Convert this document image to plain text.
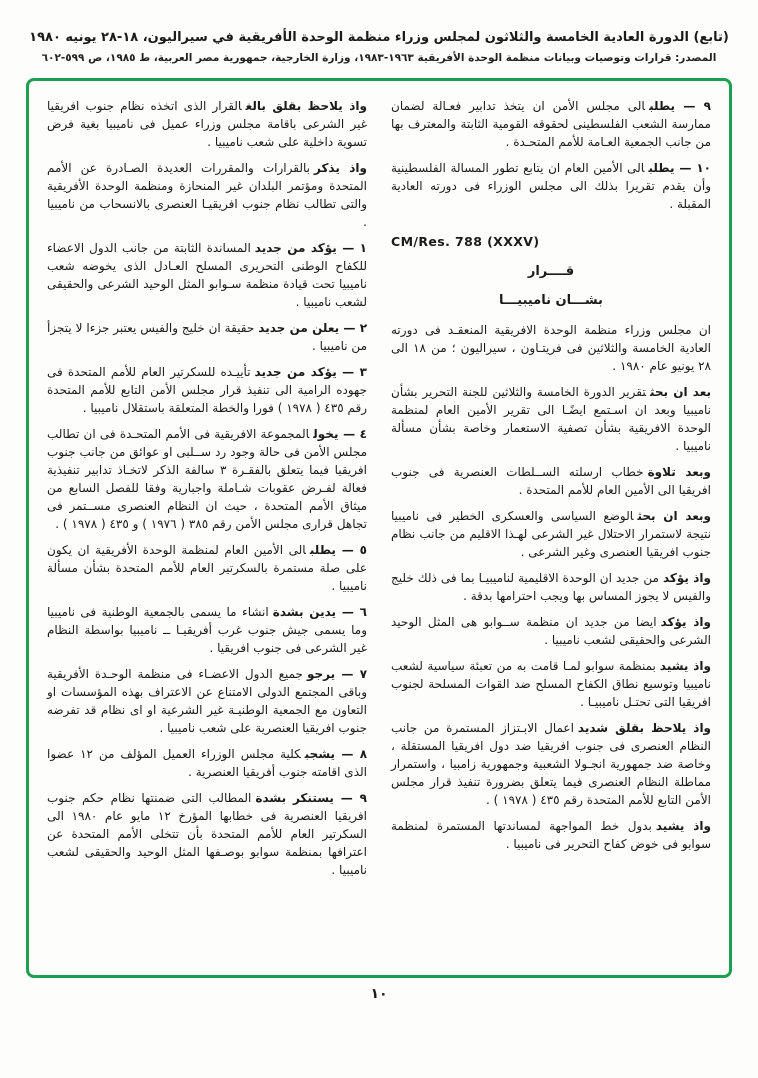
(تابع) الدورة العادية الخامسة والثلاثون لمجلس وزراء منظمة الوحدة الأفريقية في سيراليون، ١٨-٢٨ يونيه ١٩٨٠
المصدر: قرارات وتوصيات وبيانات منظمة الوحدة الأفريقية ١٩٦٣-١٩٨٣، وزارة الخارجية، جمهورية مصر العربية، ط ١٩٨٥، ص ٥٩٩-٦٠٢

٩ — يطلبالى مجلس الأمن ان يتخذ تدابير فعـالة لضمان ممارسة الشعب الفلسطينى لحقوقه القومية الثابتة والمعترف بها من جانب الجمعية العـامة للأمم المتحـدة .

١٠ — يطلبالى الأمين العام ان يتابع تطور المسالة الفلسطينية وأن يقدم تقريرا بذلك الى مجلس الوزراء فى دورته العادية المقبلة .

CM/Res. 788 (XXXV)

قــــرار

بشـــان ناميبيـــا

ان مجلس وزراء منظمة الوحدة الافريقية المنعقـد فى دورته العادية الخامسة والثلاثين فى فريتـاون ، سيراليون ؛ من ١٨ الى ٢٨ يونيو عام ١٩٨٠ .

بعد ان بحثتقرير الدورة الخامسة والثلاثين للجنة التحرير بشأن ناميبيا وبعد ان اسـتمع ايضًـا الى تقرير الأمين العام لمنظمة الوحدة الافريقية بشأن تصفية الاستعمار وخاصة بشأن مسألة ناميبيا .

وبعد تلاوةخطاب ارسلته الســلطات العنصرية فى جنوب افريقيا الى الأمين العام للأمم المتحدة .

وبعد ان بحثالوضع السياسى والعسكرى الخطير فى ناميبيا نتيجة لاستمرار الاحتلال غير الشرعى لهـذا الاقليم من جانب نظام جنوب افريقيا العنصرى وغير الشرعى .

واذ يؤكدمن جديد ان الوحدة الاقليمية لناميبيـا بما فى ذلك خليج والفيس لا يجوز المساس بها ويجب احترامها بدقة .

واذ يؤكدايضا من جديد ان منظمة ســوابو هى المثل الوحيد الشرعى والحقيقى لشعب ناميبيا .

واذ يشيدبمنظمة سوابو لمـا قامت به من تعبئة سياسية لشعب ناميبيا وتوسيع نطاق الكفاح المسلح ضد القوات المسلحة لجنوب افريقيا التى تحتـل ناميبيـا .

واذ يلاحظ بقلق شديداعمال الابـتزاز المستمرة من جانب النظام العنصرى فى جنوب افريقيا ضد دول افريقيا المستقلة ، وخاصة ضد جمهورية انجـولا الشعبية وجمهورية زامبيا ، واستمرار مماطلة النظام العنصرى فيما يتعلق بضرورة تنفيذ قرار مجلس الأمن التابع للأمم المتحدة رقم ٤٣٥ ( ١٩٧٨ ) .

واذ يشيدبدول خط المواجهة لمساندتها المستمرة لمنظمة سوابو فى خوض كفاح التحرير فى ناميبيا .

واذ يلاحظ بقلق بالغالقرار الذى اتخذه نظام جنوب افريقيا غير الشرعى باقامة مجلس وزراء عميل فى ناميبيا بغية فرض تسوية داخلية على شعب ناميبيا .

واذ يذكربالقرارات والمقررات العديدة الصـادرة عن الأمم المتحدة ومؤتمر البلدان غير المنحازة ومنظمة الوحدة الأفريقية والتى تطالب نظام جنوب افريقيـا العنصرى بالانسحاب من ناميبيا .

١ — يؤكد من جديدالمساندة الثابتة من جانب الدول الاعضاء للكفاح الوطنى التحريرى المسلح العـادل الذى يخوضه شعب ناميبيا تحت قيادة منظمة سـوابو المثل الوحيد الشرعى والحقيقى لشعب ناميبيا .

٢ — يعلن من جديدحقيقة ان خليج والفيس يعتبر جزءا لا يتجزأ من ناميبيا .

٣ — يؤكد من جديدتأييـده للسكرتير العام للأمم المتحدة فى جهوده الرامية الى تنفيذ قرار مجلس الأمن التابع للأمم المتحدة رقم ٤٣٥ ( ١٩٧٨ ) فورا والخطة المتعلقة باستقلال ناميبيا .

٤ — يخولالمجموعة الافريقية فى الأمم المتحـدة فى ان تطالب مجلس الأمن فى حالة وجود رد ســلبى او عوائق من جانب جنوب افريقيا فيما يتعلق بالفقـرة ٣ سالفة الذكر لاتخـاذ تدابير تنفيذية فعالة لفـرض عقوبات شـاملة واجبارية وفقا للفصل السابع من ميثاق الأمم المتحدة ، حيث ان النظام العنصرى مســتمر فى تجاهل قرارى مجلس الأمن رقم ٣٨٥ ( ١٩٧٦ ) و ٤٣٥ ( ١٩٧٨ ) .

٥ — يطلبالى الأمين العام لمنظمة الوحدة الأفريقية ان يكون على صلة مستمرة بالسكرتير العام للأمم المتحدة بشأن مسألة ناميبيا .

٦ — يدين بشدةانشاء ما يسمى بالجمعية الوطنية فى ناميبيا وما يسمى جيش جنوب غرب أفريقيـا ــ ناميبيا بواسطة النظام غير الشرعى فى جنوب افريقيا .

٧ — يرجوجميع الدول الاعضـاء فى منظمة الوحـدة الأفريقية وباقى المجتمع الدولى الامتناع عن الاعتراف بهذه المؤسسات او التعاون مع الجمعية الوطنيـة غير الشرعية او اى نظام قد تفرضه جنوب افريقيا العنصرية على شعب ناميبيا .

٨ — يشجبكلية مجلس الوزراء العميل المؤلف من ١٢ عضوا الذى اقامته جنوب أفريقيا العنصرية .

٩ — يستنكر بشدةالمطالب التى ضمنتها نظام حكم جنوب افريقيا العنصرية فى خطابها المؤرخ ١٢ مايو عام ١٩٨٠ الى السكرتير العام للأمم المتحدة بأن تتخلى الأمم المتحدة عن اعترافها بمنظمة سوابو بوصـفها المثل الوحيد والحقيقى لشعب ناميبيا .

١٠
